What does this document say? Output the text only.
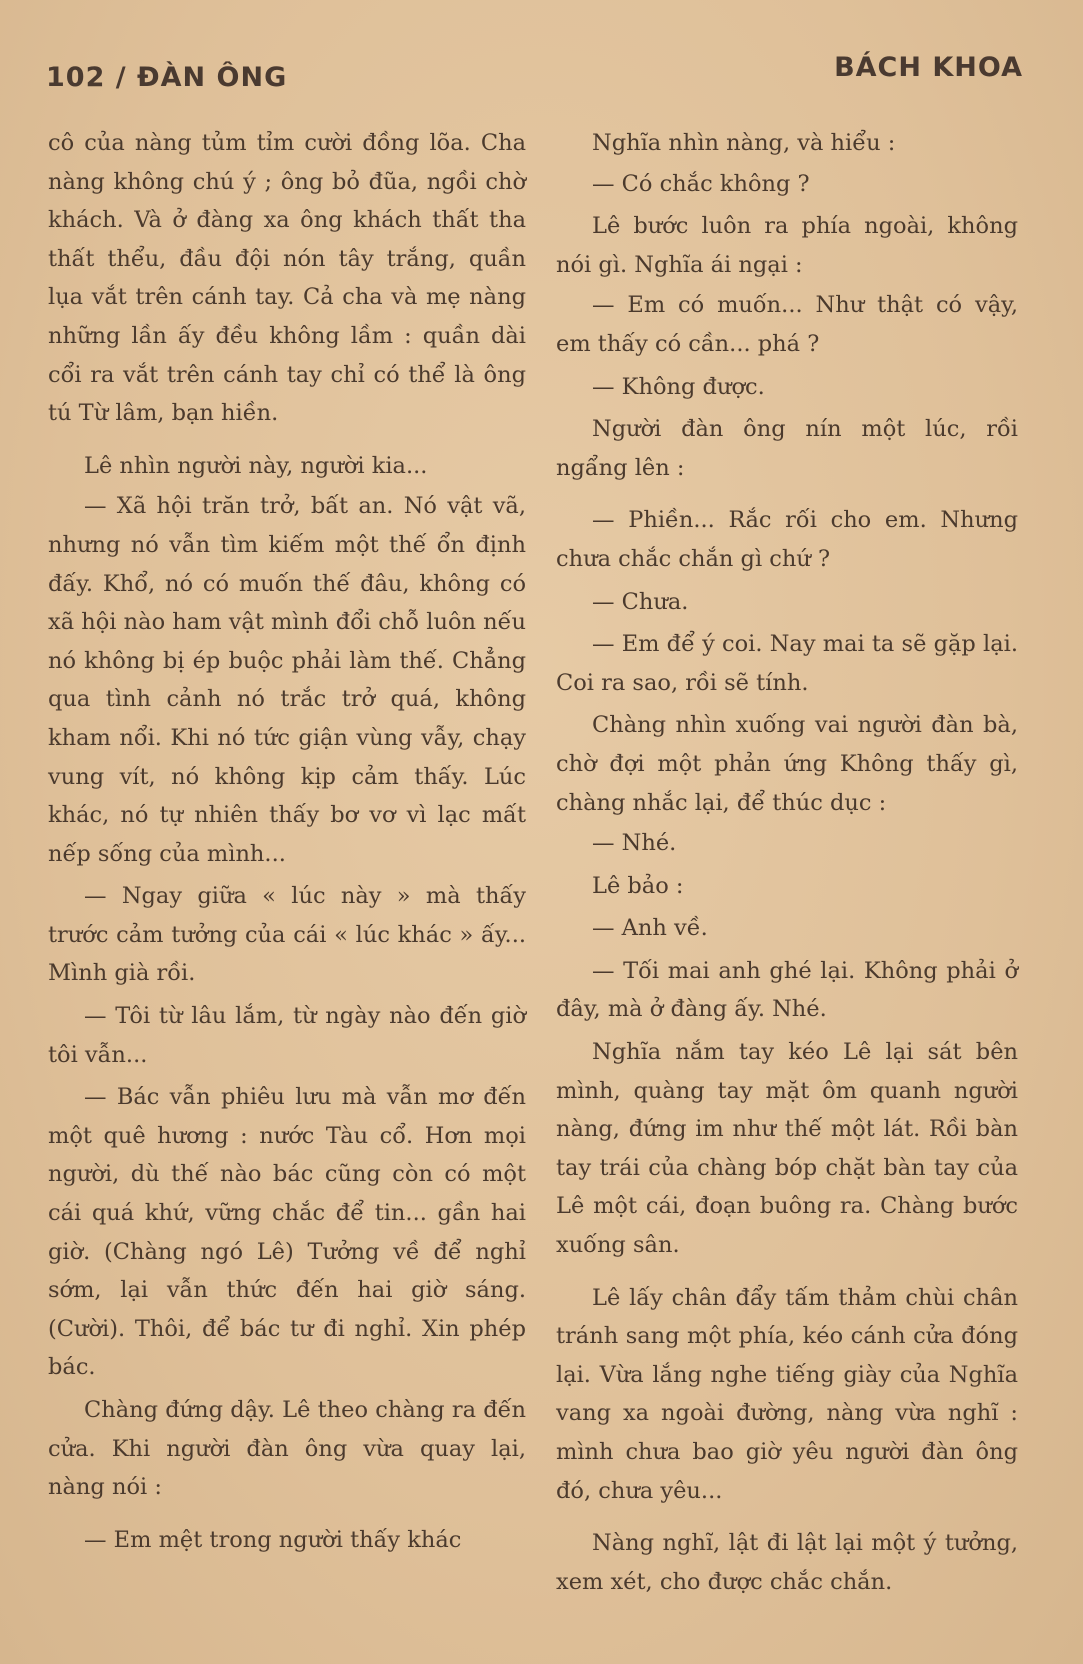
102 / ĐÀN ÔNG	BÁCH KHOA

cô của nàng tủm tỉm cười đồng lõa. Cha nàng không chú ý ; ông bỏ đũa, ngồi chờ khách. Và ở đàng xa ông khách thất tha thất thểu, đầu đội nón tây trắng, quần lụa vắt trên cánh tay. Cả cha và mẹ nàng những lần ấy đều không lầm : quần dài cổi ra vắt trên cánh tay chỉ có thể là ông tú Từ lâm, bạn hiền.

Lê nhìn người này, người kia...

— Xã hội trăn trở, bất an. Nó vật vã, nhưng nó vẫn tìm kiếm một thế ổn định đấy. Khổ, nó có muốn thế đâu, không có xã hội nào ham vật mình đổi chỗ luôn nếu nó không bị ép buộc phải làm thế. Chẳng qua tình cảnh nó trắc trở quá, không kham nổi. Khi nó tức giận vùng vẫy, chạy vung vít, nó không kịp cảm thấy. Lúc khác, nó tự nhiên thấy bơ vơ vì lạc mất nếp sống của mình...

— Ngay giữa « lúc này » mà thấy trước cảm tưởng của cái « lúc khác » ấy... Mình già rồi.

— Tôi từ lâu lắm, từ ngày nào đến giờ tôi vẫn...

— Bác vẫn phiêu lưu mà vẫn mơ đến một quê hương : nước Tàu cổ. Hơn mọi người, dù thế nào bác cũng còn có một cái quá khứ, vững chắc để tin... gần hai giờ. (Chàng ngó Lê) Tưởng về để nghỉ sớm, lại vẫn thức đến hai giờ sáng. (Cười). Thôi, để bác tư đi nghỉ. Xin phép bác.

Chàng đứng dậy. Lê theo chàng ra đến cửa. Khi người đàn ông vừa quay lại, nàng nói :

— Em mệt trong người thấy khác

Nghĩa nhìn nàng, và hiểu :

— Có chắc không ?

Lê bước luôn ra phía ngoài, không nói gì. Nghĩa ái ngại :

— Em có muốn... Như thật có vậy, em thấy có cần... phá ?

— Không được.

Người đàn ông nín một lúc, rồi ngẩng lên :

— Phiền... Rắc rối cho em. Nhưng chưa chắc chắn gì chứ ?

— Chưa.

— Em để ý coi. Nay mai ta sẽ gặp lại. Coi ra sao, rồi sẽ tính.

Chàng nhìn xuống vai người đàn bà, chờ đợi một phản ứng Không thấy gì, chàng nhắc lại, để thúc dục :

— Nhé.

Lê bảo :

— Anh về.

— Tối mai anh ghé lại. Không phải ở đây, mà ở đàng ấy. Nhé.

Nghĩa nắm tay kéo Lê lại sát bên mình, quàng tay mặt ôm quanh người nàng, đứng im như thế một lát. Rồi bàn tay trái của chàng bóp chặt bàn tay của Lê một cái, đoạn buông ra. Chàng bước xuống sân.

Lê lấy chân đẩy tấm thảm chùi chân tránh sang một phía, kéo cánh cửa đóng lại. Vừa lắng nghe tiếng giày của Nghĩa vang xa ngoài đường, nàng vừa nghĩ : mình chưa bao giờ yêu người đàn ông đó, chưa yêu...

Nàng nghĩ, lật đi lật lại một ý tưởng, xem xét, cho được chắc chắn.
